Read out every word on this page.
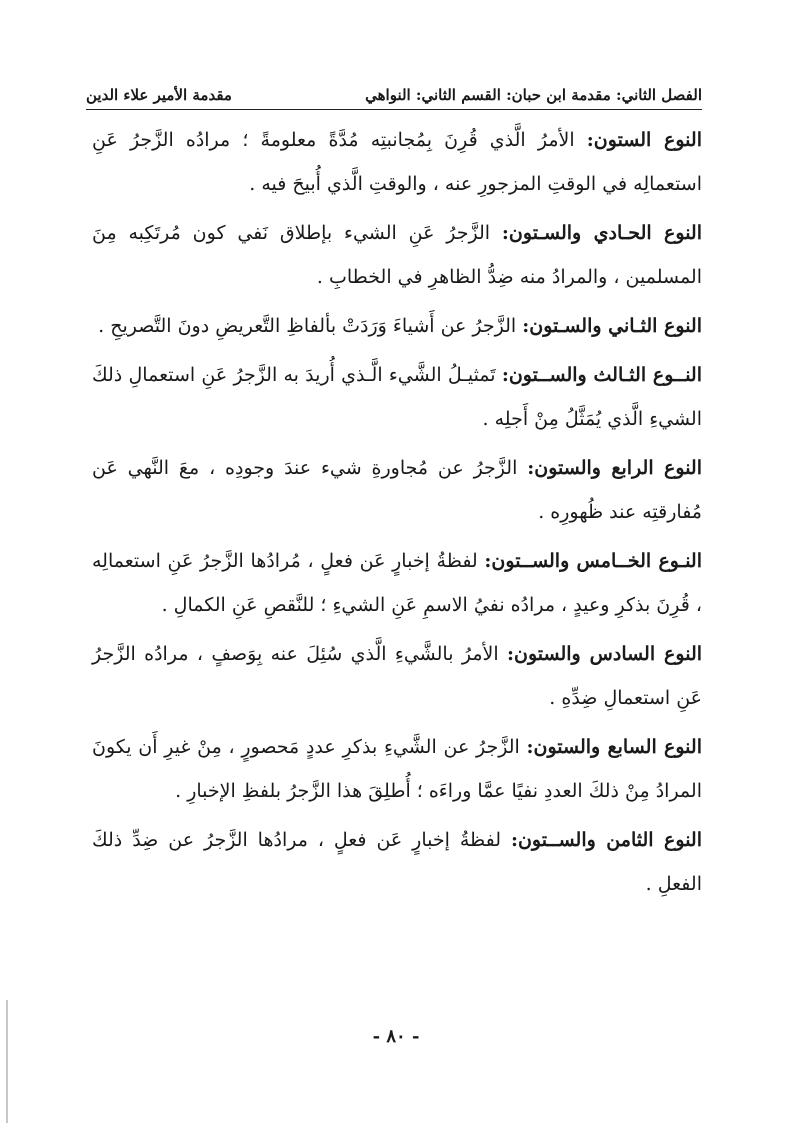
الفصل الثاني: مقدمة ابن حبان: القسم الثاني: النواهي
مقدمة الأمير علاء الدين

النوع الستون: الأمرُ الَّذي قُرِنَ بِمُجانبتِه مُدَّةً معلومةً ؛ مرادُه الزَّجرُ عَنِ استعمالِه في الوقتِ المزجورِ عنه ، والوقتِ الَّذي أُبيحَ فيه .

النوع الحـادي والسـتون: الزَّجرُ عَنِ الشيء بإطلاق نَفي كون مُرتَكِبه مِنَ المسلمين ، والمرادُ منه ضِدُّ الظاهرِ في الخطابِ .

النوع الثـاني والسـتون: الزَّجرُ عن أَشياءَ وَرَدَتْ بألفاظِ التَّعريضِ دونَ التَّصريحِ .

النــوع الثـالث والســتون: تَمثيـلُ الشَّيء الَّـذي أُريدَ به الزَّجرُ عَنِ استعمالِ ذلكَ الشيءِ الَّذي يُمَثَّلُ مِنْ أَجلِه .

النوع الرابع والستون: الزَّجرُ عن مُجاورةِ شيء عندَ وجودِه ، معَ النَّهي عَن مُفارقتِه عند ظُهورِه .

النـوع الخــامس والســتون: لفظةُ إخبارٍ عَن فعلٍ ، مُرادُها الزَّجرُ عَنِ استعمالِه ، قُرِنَ بذكرِ وعيدٍ ، مرادُه نفيُ الاسمِ عَنِ الشيءِ ؛ للنَّقصِ عَنِ الكمالِ .

النوع السادس والستون: الأمرُ بالشَّيءِ الَّذي سُئِلَ عنه بِوَصفٍ ، مرادُه الزَّجرُ عَنِ استعمالِ ضِدِّهِ .

النوع السابع والستون: الزَّجرُ عن الشَّيءِ بذكرِ عددٍ مَحصورٍ ، مِنْ غيرِ أَن يكونَ المرادُ مِنْ ذلكَ العددِ نفيًا عمَّا وراءَه ؛ أُطلِقَ هذا الزَّجرُ بلفظِ الإخبارِ .

النوع الثامن والســتون: لفظةُ إخبارٍ عَن فعلٍ ، مرادُها الزَّجرُ عن ضِدِّ ذلكَ الفعلِ .

- ٨٠ -
